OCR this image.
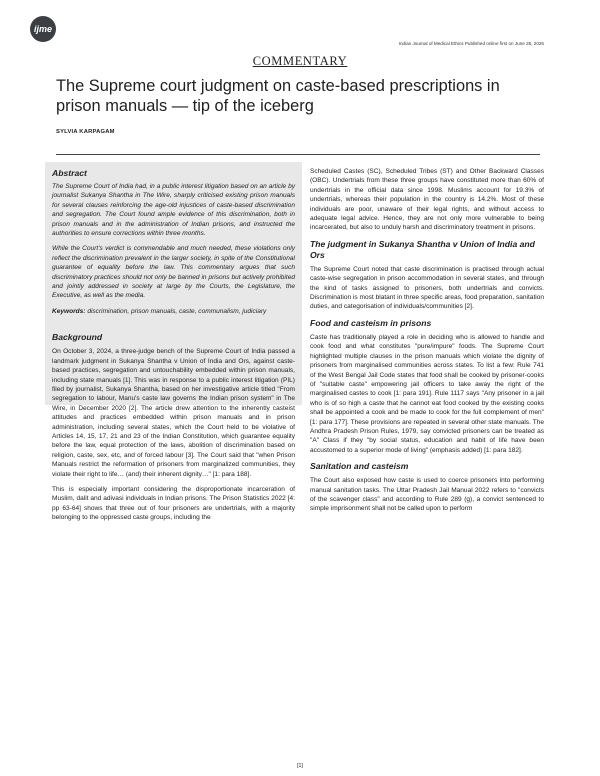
ijme
Indian Journal of Medical Ethics Published online first on June 26, 2025
COMMENTARY
The Supreme court judgment on caste-based prescriptions in prison manuals — tip of the iceberg
SYLVIA KARPAGAM
Abstract

The Supreme Court of India had, in a public interest litigation based on an article by journalist Sukanya Shantha in The Wire, sharply criticised existing prison manuals for several clauses reinforcing the age-old injustices of caste-based discrimination and segregation. The Court found ample evidence of this discrimination, both in prison manuals and in the administration of Indian prisons, and instructed the authorities to ensure corrections within three months.

While the Court's verdict is commendable and much needed, these violations only reflect the discrimination prevalent in the larger society, in spite of the Constitutional guarantee of equality before the law. This commentary argues that such discriminatory practices should not only be banned in prisons but actively prohibited and jointly addressed in society at large by the Courts, the Legislature, the Executive, as well as the media.

Keywords: discrimination, prison manuals, caste, communalism, judiciary

Background

On October 3, 2024, a three-judge bench of the Supreme Court of India passed a landmark judgment in Sukanya Shantha v Union of India and Ors, against caste-based practices, segregation and untouchability embedded within prison manuals, including state manuals [1]. This was in response to a public interest litigation (PIL) filed by journalist, Sukanya Shantha, based on her investigative article titled "From segregation to labour, Manu's caste law governs the Indian prison system" in The Wire, in December 2020 [2]. The article drew attention to the inherently casteist attitudes and practices embedded within prison manuals and in prison administration, including several states, which the Court held to be violative of Articles 14, 15, 17, 21 and 23 of the Indian Constitution, which guarantee equality before the law, equal protection of the laws, abolition of discrimination based on religion, caste, sex, etc, and of forced labour [3]. The Court said that "when Prison Manuals restrict the reformation of prisoners from marginalized communities, they violate their right to life… (and) their inherent dignity…" [1: para 188].

This is especially important considering the disproportionate incarceration of Muslim, dalit and adivasi individuals in Indian prisons. The Prison Statistics 2022 [4: pp 63-64] shows that three out of four prisoners are undertrials, with a majority belonging to the oppressed caste groups, including the

Scheduled Castes (SC), Scheduled Tribes (ST) and Other Backward Classes (OBC). Undertrials from these three groups have constituted more than 60% of undertrials in the official data since 1998. Muslims account for 19.3% of undertrials, whereas their population in the country is 14.2%. Most of these individuals are poor, unaware of their legal rights, and without access to adequate legal advice. Hence, they are not only more vulnerable to being incarcerated, but also to unduly harsh and discriminatory treatment in prisons.

The judgment in Sukanya Shantha v Union of India and Ors

The Supreme Court noted that caste discrimination is practised through actual caste-wise segregation in prison accommodation in several states, and through the kind of tasks assigned to prisoners, both undertrials and convicts. Discrimination is most blatant in three specific areas, food preparation, sanitation duties, and categorisation of individuals/communities [2].

Food and casteism in prisons

Caste has traditionally played a role in deciding who is allowed to handle and cook food and what constitutes "pure/impure" foods. The Supreme Court highlighted multiple clauses in the prison manuals which violate the dignity of prisoners from marginalised communities across states. To list a few: Rule 741 of the West Bengal Jail Code states that food shall be cooked by prisoner-cooks of "suitable caste" empowering jail officers to take away the right of the marginalised castes to cook [1: para 191]. Rule 1117 says "Any prisoner in a jail who is of so high a caste that he cannot eat food cooked by the existing cooks shall be appointed a cook and be made to cook for the full complement of men" [1: para 177]. These provisions are repeated in several other state manuals. The Andhra Pradesh Prison Rules, 1979, say convicted prisoners can be treated as "A" Class if they "by social status, education and habit of life have been accustomed to a superior mode of living" (emphasis added) [1: para 182].

Sanitation and casteism

The Court also exposed how caste is used to coerce prisoners into performing manual sanitation tasks. The Uttar Pradesh Jail Manual 2022 refers to "convicts of the scavenger class" and according to Rule 289 (g), a convict sentenced to simple imprisonment shall not be called upon to perform

[1]
